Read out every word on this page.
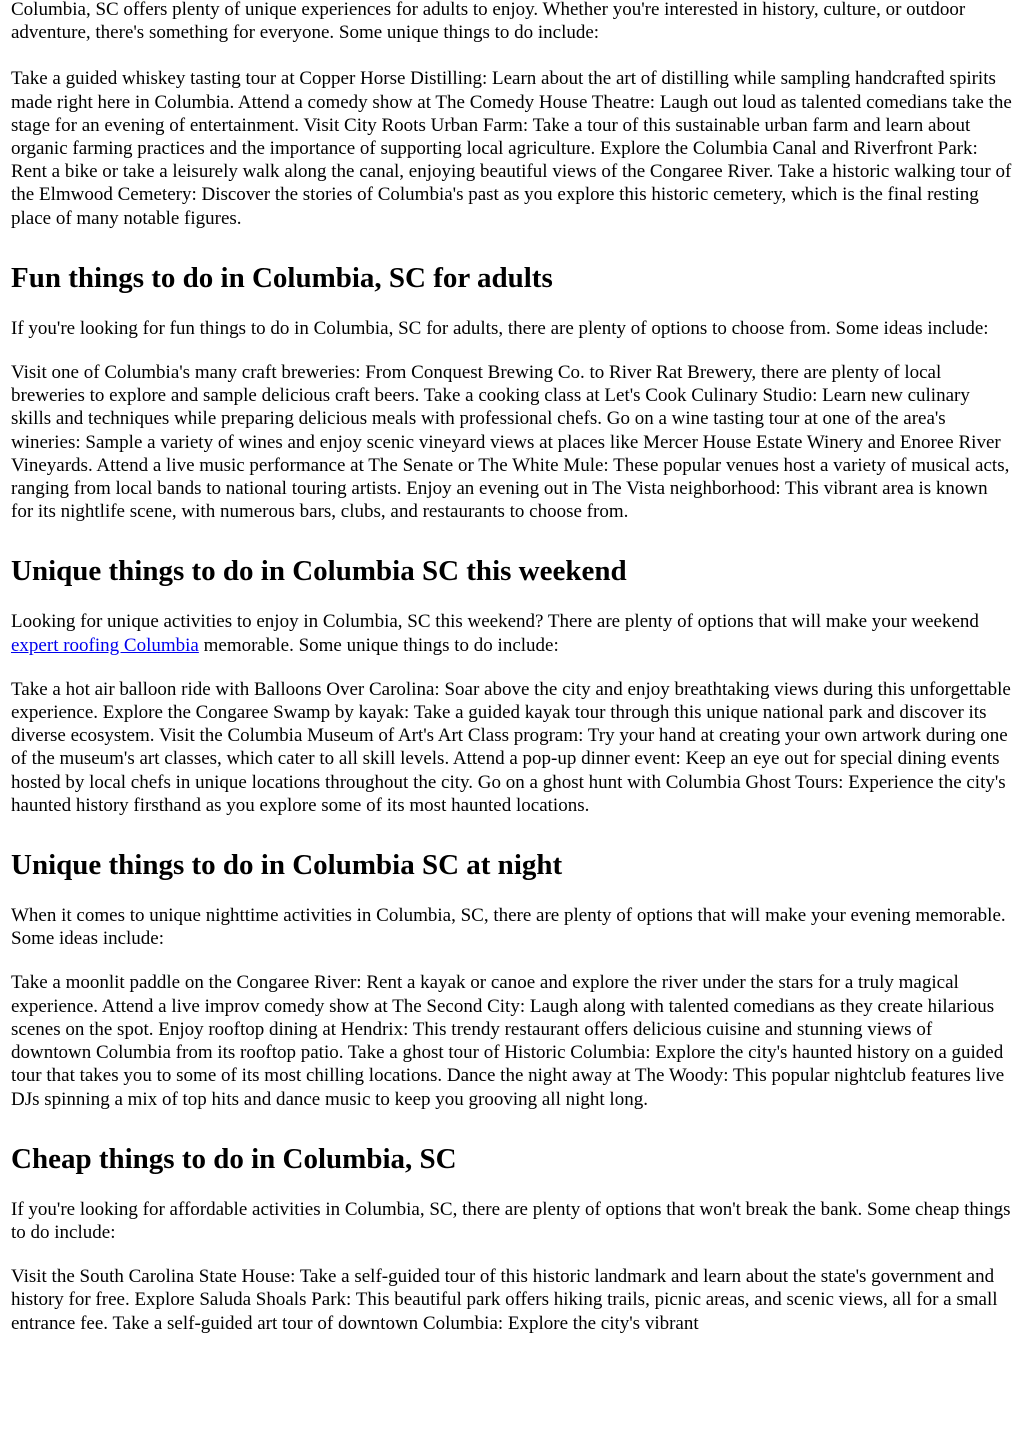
Columbia, SC offers plenty of unique experiences for adults to enjoy. Whether you're interested in history, culture, or outdoor adventure, there's something for everyone. Some unique things to do include:

Take a guided whiskey tasting tour at Copper Horse Distilling: Learn about the art of distilling while sampling handcrafted spirits made right here in Columbia. Attend a comedy show at The Comedy House Theatre: Laugh out loud as talented comedians take the stage for an evening of entertainment. Visit City Roots Urban Farm: Take a tour of this sustainable urban farm and learn about organic farming practices and the importance of supporting local agriculture. Explore the Columbia Canal and Riverfront Park: Rent a bike or take a leisurely walk along the canal, enjoying beautiful views of the Congaree River. Take a historic walking tour of the Elmwood Cemetery: Discover the stories of Columbia's past as you explore this historic cemetery, which is the final resting place of many notable figures.

Fun things to do in Columbia, SC for adults

If you're looking for fun things to do in Columbia, SC for adults, there are plenty of options to choose from. Some ideas include:

Visit one of Columbia's many craft breweries: From Conquest Brewing Co. to River Rat Brewery, there are plenty of local breweries to explore and sample delicious craft beers. Take a cooking class at Let's Cook Culinary Studio: Learn new culinary skills and techniques while preparing delicious meals with professional chefs. Go on a wine tasting tour at one of the area's wineries: Sample a variety of wines and enjoy scenic vineyard views at places like Mercer House Estate Winery and Enoree River Vineyards. Attend a live music performance at The Senate or The White Mule: These popular venues host a variety of musical acts, ranging from local bands to national touring artists. Enjoy an evening out in The Vista neighborhood: This vibrant area is known for its nightlife scene, with numerous bars, clubs, and restaurants to choose from.

Unique things to do in Columbia SC this weekend

Looking for unique activities to enjoy in Columbia, SC this weekend? There are plenty of options that will make your weekend expert roofing Columbia memorable. Some unique things to do include:

Take a hot air balloon ride with Balloons Over Carolina: Soar above the city and enjoy breathtaking views during this unforgettable experience. Explore the Congaree Swamp by kayak: Take a guided kayak tour through this unique national park and discover its diverse ecosystem. Visit the Columbia Museum of Art's Art Class program: Try your hand at creating your own artwork during one of the museum's art classes, which cater to all skill levels. Attend a pop-up dinner event: Keep an eye out for special dining events hosted by local chefs in unique locations throughout the city. Go on a ghost hunt with Columbia Ghost Tours: Experience the city's haunted history firsthand as you explore some of its most haunted locations.

Unique things to do in Columbia SC at night

When it comes to unique nighttime activities in Columbia, SC, there are plenty of options that will make your evening memorable. Some ideas include:

Take a moonlit paddle on the Congaree River: Rent a kayak or canoe and explore the river under the stars for a truly magical experience. Attend a live improv comedy show at The Second City: Laugh along with talented comedians as they create hilarious scenes on the spot. Enjoy rooftop dining at Hendrix: This trendy restaurant offers delicious cuisine and stunning views of downtown Columbia from its rooftop patio. Take a ghost tour of Historic Columbia: Explore the city's haunted history on a guided tour that takes you to some of its most chilling locations. Dance the night away at The Woody: This popular nightclub features live DJs spinning a mix of top hits and dance music to keep you grooving all night long.

Cheap things to do in Columbia, SC

If you're looking for affordable activities in Columbia, SC, there are plenty of options that won't break the bank. Some cheap things to do include:

Visit the South Carolina State House: Take a self-guided tour of this historic landmark and learn about the state's government and history for free. Explore Saluda Shoals Park: This beautiful park offers hiking trails, picnic areas, and scenic views, all for a small entrance fee. Take a self-guided art tour of downtown Columbia: Explore the city's vibrant
